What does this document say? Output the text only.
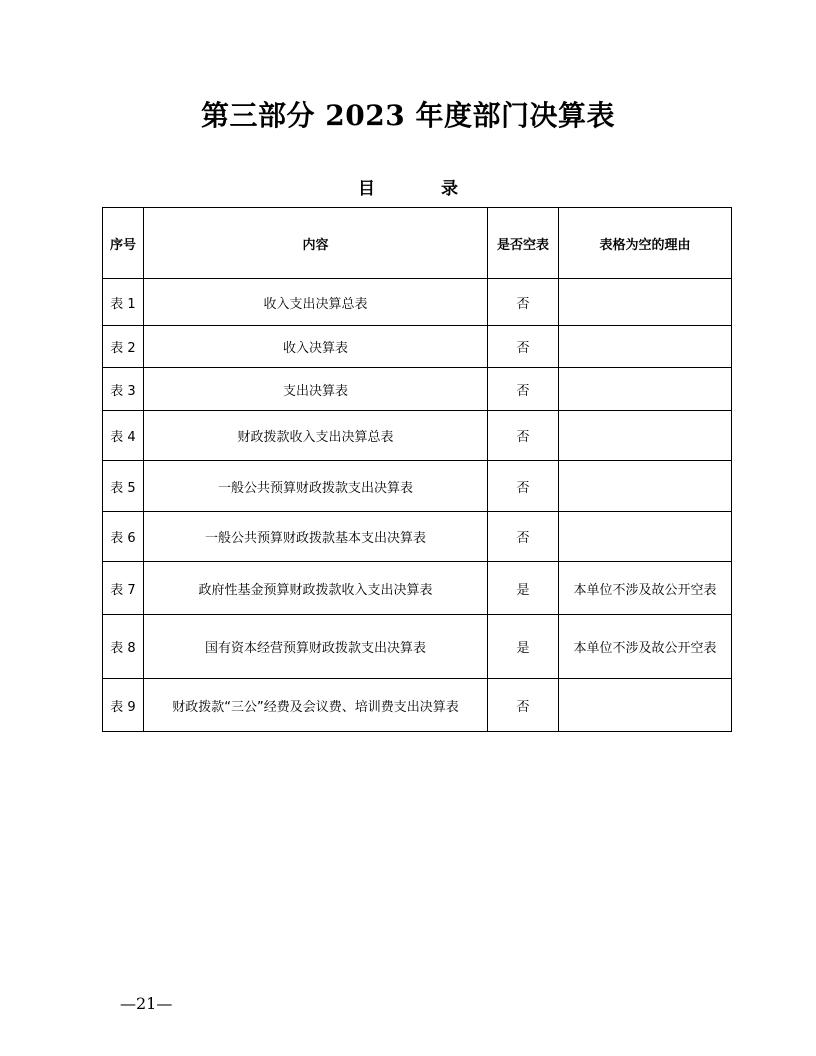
第三部分 2023 年度部门决算表
目 录
序号	内容	是否空表	表格为空的理由
表 1	收入支出决算总表	否	
表 2	收入决算表	否	
表 3	支出决算表	否	
表 4	财政拨款收入支出决算总表	否	
表 5	一般公共预算财政拨款支出决算表	否	
表 6	一般公共预算财政拨款基本支出决算表	否	
表 7	政府性基金预算财政拨款收入支出决算表	是	本单位不涉及故公开空表
表 8	国有资本经营预算财政拨款支出决算表	是	本单位不涉及故公开空表
表 9	财政拨款“三公”经费及会议费、培训费支出决算表	否	
—21—
